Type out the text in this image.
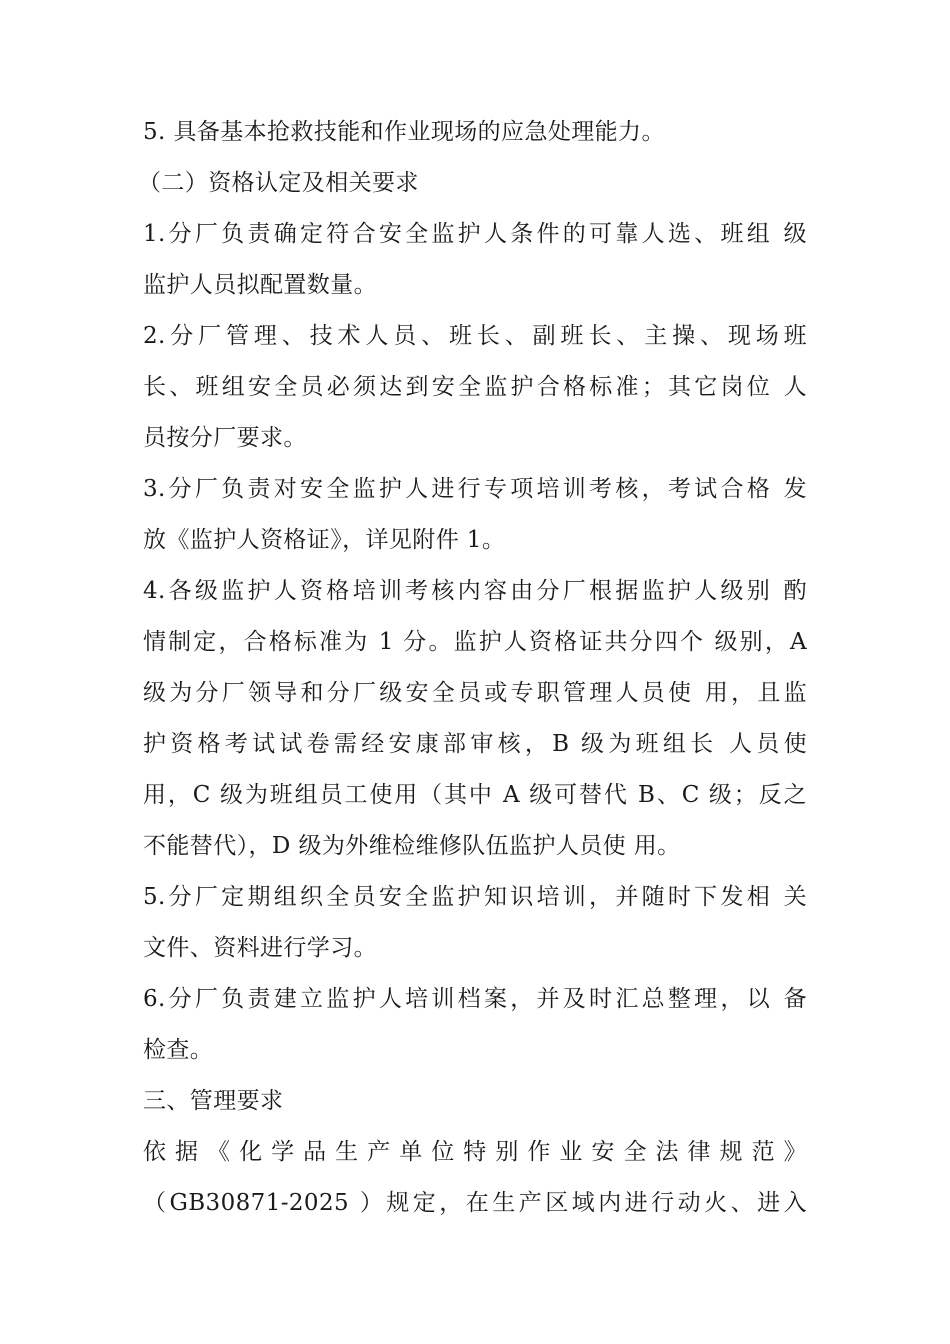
5. 具备基本抢救技能和作业现场的应急处理能力。
（二）资格认定及相关要求
1.分厂负责确定符合安全监护人条件的可靠人选、班组 级
监护人员拟配置数量。
2.分厂管理、技术人员、班长、副班长、主操、现场班
长、班组安全员必须达到安全监护合格标准；其它岗位 人
员按分厂要求。
3.分厂负责对安全监护人进行专项培训考核，考试合格 发
放《监护人资格证》，详见附件 1。
4.各级监护人资格培训考核内容由分厂根据监护人级别 酌
情制定，合格标准为 1 分。监护人资格证共分四个 级别，A
级为分厂领导和分厂级安全员或专职管理人员使 用，且监
护资格考试试卷需经安康部审核，B 级为班组长 人员使
用，C 级为班组员工使用（其中 A 级可替代 B、C 级；反之
不能替代），D 级为外维检维修队伍监护人员使 用。
5.分厂定期组织全员安全监护知识培训，并随时下发相 关
文件、资料进行学习。
6.分厂负责建立监护人培训档案，并及时汇总整理，以 备
检查。
三、管理要求
依 据 《 化 学 品 生 产 单 位 特 别 作 业 安 全 法 律 规 范 》
（GB30871-2025 ）规定，在生产区域内进行动火、进入
